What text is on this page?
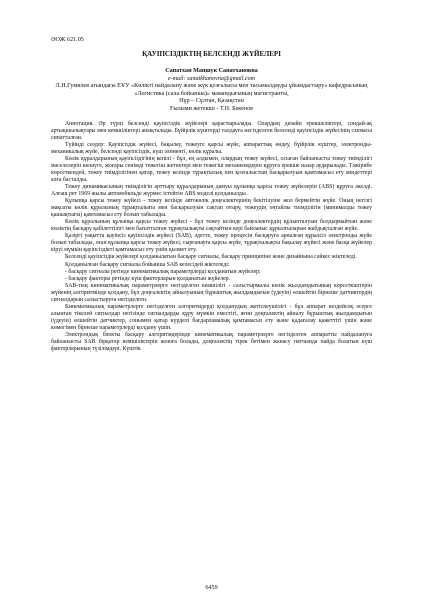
ӘОЖ 621.05
ҚАУІПСІЗДІКТІҢ БЕЛСЕНДІ ЖҮЙЕЛЕРІ

Санатхан Маншук Санатхановна

e-mail: sanatkhanovna@gmail.com

Л.Н.Гумилев атындағы ЕҰУ «Көлікті пайдалану және жүк қозғалысы мен тасымалдауды ұйымдастыру» кафедрасының «Логистика (сала бойынша)» мамандығының магистранты,

Нұр – Сұлтан, Қазақстан

Ғылыми жетекші - Т.Н. Бекенов

Аннотация. Әр түрлі белсенді қауіпсіздік жүйелері қарастырылады. Олардың дизайн ерекшеліктері, сондай-ақ артықшылықтары мен кемшіліктері анықталады. Бүйірлік күштерді талдауға негізделген белсенді қауіпсіздік жүйесінің схемасы сипатталған.

Түйінді сөздер: Қауіпсіздік жүйесі, бақылау, тежеуге қарсы жүйе, аппараттық өндеу, бүйірлік күштер, электронды-механикалық жүйе, белсенді қауіпсіздік, күш элементі, көлік құралы.

Көлік құралдарының қауіпсіздігінің кепілі - бұл, ең алдымен, олардың тежеу жүйесі, осыған байланысты тежеу тиімділігі мәселелерін шешуге, жоғары сенімді тежегіш жетектері мен тежегіш механизмдерін құруға ерекше назар аударылады. Тәжірибе көрсеткендей, тежеу тиімділігінен қатар, тежеу кезінде тұрақтылық пен қозғалыстың басқарылуын қамтамасыз ету міндеттері алға басталды.

Тежеу динамикасының тиімділігін арттыру құралдарының дамуы құлыпқа қарсы тежеу жүйелерін (ABS) құруға әкелді. Алғаш рет 1969 жылы автомобильде жүрмес істейтін ABS моделі қолданылды .

Құлыпқа қарсы тежеу жүйесі - тежеу кезінде автокөлік доңғалектерінің бекітілуіне жол бермейтін жүйе. Оның негізгі мақсаты көлік құралының тұрақтылығы мен басқарылуын сақтап отыру, тежеудің оңтайлы тиімділігін (минималды тежеу қашықтығы) қамтамасыз ету болып табылады.

Көлік құралының құлыпқа қарсы тежеу жүйесі - бұл тежеу кезінде доңғалектердің құлыпталуын болдырмайтын және көліктің басқару қабілеттілігі мен бағытталған тұрақтылықты сақтайтын кері байланыс құрылғыларын жабдықталған жүйе.

Қазіргі уақытта қауіпсіз қауіпсіздік жүйесі (SAB), әдетте, тежеу процесін басқаруға арналған құралсіз электронды жүйе болып табылады, оған құлыпқа қарсы тежеу жүйесі, сырғанауға қарсы жүйе, тұрақтылықты бақылау жүйесі және басқа жүйелер кіруі мүмкін қауіпсіздікті қамтамасыз ету үшін қызмет ету.

Белсенді қауіпсіздік жүйелері қолданылатын басқару сигналы, басқару принципіне және дизайнына сәйкес жіктеледі.

Қолданылған басқару сигналы бойынша SAB келесідей жіктеледі:

- басқару сигналы ретінде кинематикалық параметрлерді қолданатын жүйелер;

- басқару факторы ретінде күш факторларын қолданатын жүйелер.

SAB-тың кинематикалық параметрлерге негізделген кемшілігі - сальстырмалы көлік жылдамдығының көрсеткіштерін жүйенің алгоритмінде қолдану, бұл доңғалектің айналуының бұрыштық жылдамдығын (үдеуін) өлшейтін бірнеше датчиктердің сигналдарын салыстыруға негізделген.

Кинематикалық параметрлерге негізделген алгоритмдерді қолданудың жетіспеушілігі - бұл аппарат кездейсоқ әсерге алынған тікелей сигналдар негізінде сигналдарды құру мүмкін еместігі, яғни доңғалектің айналу бұрыштық жылдамдығын (үдеуін) өлшейтін датчиктер, сонымен қатар күрделі бағдарламалық қамтамасыз ету және қадағалау қажеттігі үшін және көмегімен бірнеше параметрлерді қолдану үшін.

Электрондық блокты басқару алгоритмдерінде кинематикалық параметрлерге негізделген аппаратты пайдалануға байланысты SAB бірқатар кемшіліктерін жоюға болады, доңғалектің тірек бетімен жанасу патчында пайда болатын күш факторларының түзілімдері. Күштік

6459
